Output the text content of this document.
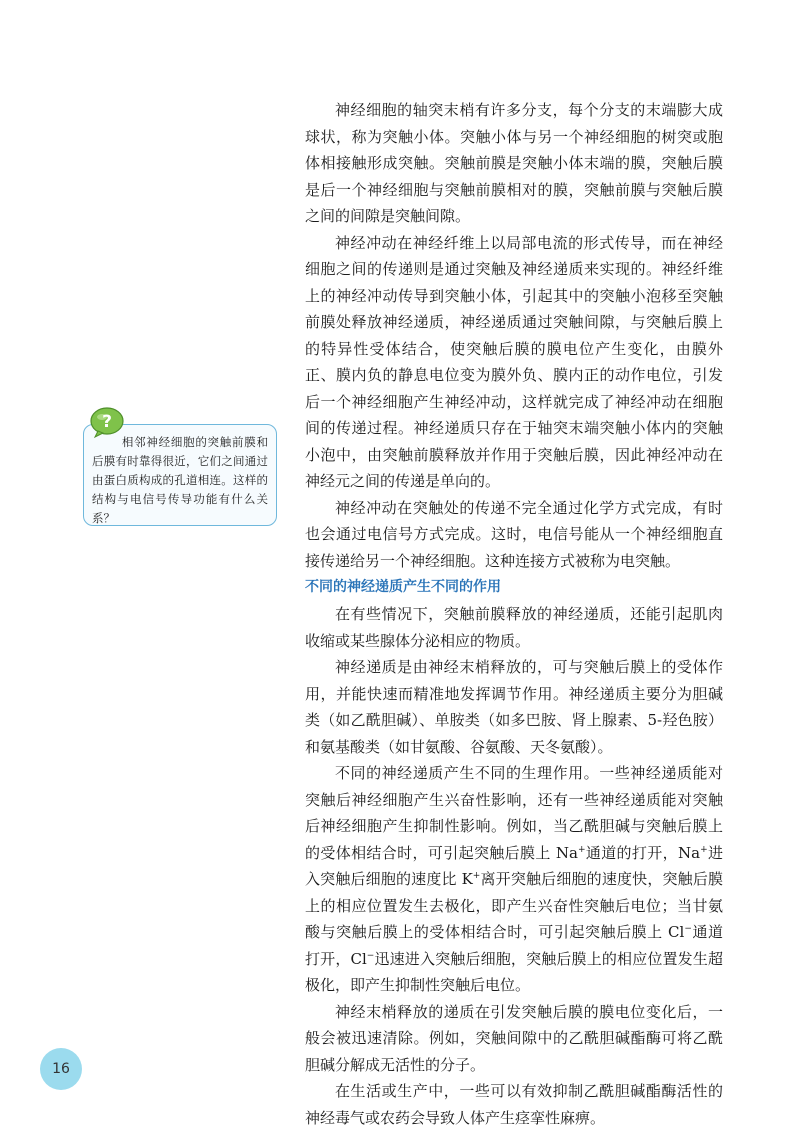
神经细胞的轴突末梢有许多分支，每个分支的末端膨大成球状，称为突触小体。突触小体与另一个神经细胞的树突或胞体相接触形成突触。突触前膜是突触小体末端的膜，突触后膜是后一个神经细胞与突触前膜相对的膜，突触前膜与突触后膜之间的间隙是突触间隙。

神经冲动在神经纤维上以局部电流的形式传导，而在神经细胞之间的传递则是通过突触及神经递质来实现的。神经纤维上的神经冲动传导到突触小体，引起其中的突触小泡移至突触前膜处释放神经递质，神经递质通过突触间隙，与突触后膜上的特异性受体结合，使突触后膜的膜电位产生变化，由膜外正、膜内负的静息电位变为膜外负、膜内正的动作电位，引发后一个神经细胞产生神经冲动，这样就完成了神经冲动在细胞间的传递过程。神经递质只存在于轴突末端突触小体内的突触小泡中，由突触前膜释放并作用于突触后膜，因此神经冲动在神经元之间的传递是单向的。

神经冲动在突触处的传递不完全通过化学方式完成，有时也会通过电信号方式完成。这时，电信号能从一个神经细胞直接传递给另一个神经细胞。这种连接方式被称为电突触。

不同的神经递质产生不同的作用

在有些情况下，突触前膜释放的神经递质，还能引起肌肉收缩或某些腺体分泌相应的物质。

神经递质是由神经末梢释放的，可与突触后膜上的受体作用，并能快速而精准地发挥调节作用。神经递质主要分为胆碱类（如乙酰胆碱）、单胺类（如多巴胺、肾上腺素、5-羟色胺）和氨基酸类（如甘氨酸、谷氨酸、天冬氨酸）。

不同的神经递质产生不同的生理作用。一些神经递质能对突触后神经细胞产生兴奋性影响，还有一些神经递质能对突触后神经细胞产生抑制性影响。例如，当乙酰胆碱与突触后膜上的受体相结合时，可引起突触后膜上 Na+通道的打开，Na+进入突触后细胞的速度比 K+离开突触后细胞的速度快，突触后膜上的相应位置发生去极化，即产生兴奋性突触后电位；当甘氨酸与突触后膜上的受体相结合时，可引起突触后膜上 Cl−通道打开，Cl−迅速进入突触后细胞，突触后膜上的相应位置发生超极化，即产生抑制性突触后电位。

神经末梢释放的递质在引发突触后膜的膜电位变化后，一般会被迅速清除。例如，突触间隙中的乙酰胆碱酯酶可将乙酰胆碱分解成无活性的分子。

在生活或生产中，一些可以有效抑制乙酰胆碱酯酶活性的神经毒气或农药会导致人体产生痉挛性麻痹。

相邻神经细胞的突触前膜和后膜有时靠得很近，它们之间通过由蛋白质构成的孔道相连。这样的结构与电信号传导功能有什么关系？

?
16
